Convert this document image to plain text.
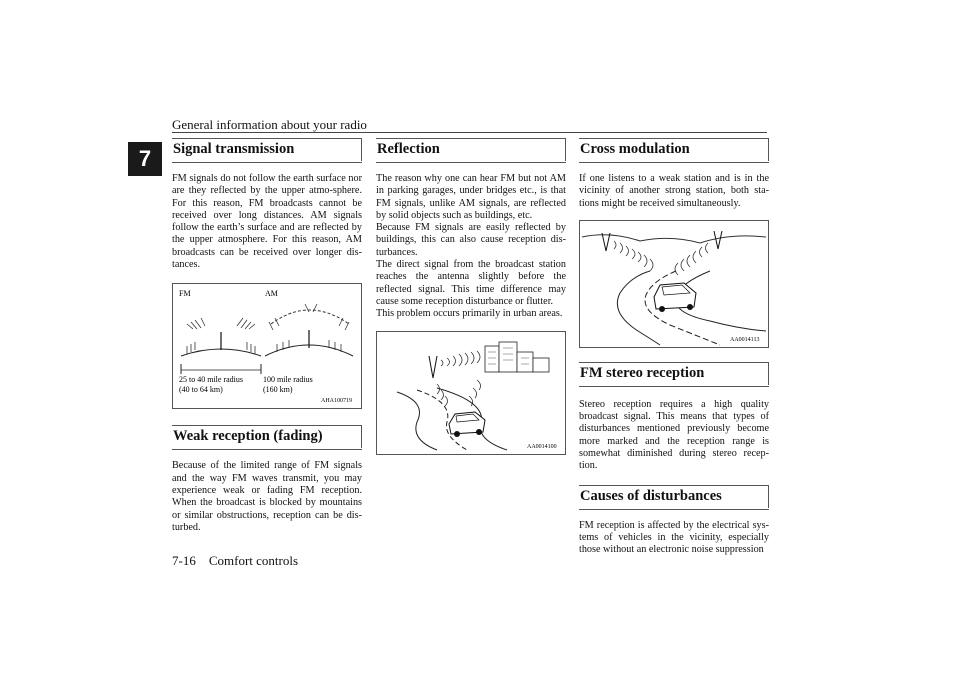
General information about your radio
7	Signal transmission

FM signals do not follow the earth surface nor are they reflected by the upper atmo-sphere. For this reason, FM broadcasts cannot be received over long distances. AM signals follow the earth’s surface and are reflected by the upper atmosphere. For this reason, AM broadcasts can be received over longer dis-tances.

FM	AM
25 to 40 mile radius
(40 to 64 km)
100 mile radius
(160 km)
AHA100719
Weak reception (fading)

Because of the limited range of FM signals and the way FM waves transmit, you may experience weak or fading FM reception. When the broadcast is blocked by mountains or similar obstructions, reception can be dis-turbed.

Reflection

The reason why one can hear FM but not AM in parking garages, under bridges etc., is that FM signals, unlike AM signals, are reflected by solid objects such as buildings, etc.

Because FM signals are easily reflected by buildings, this can also cause reception dis-turbances.

The direct signal from the broadcast station reaches the antenna slightly before the reflected signal. This time difference may cause some reception disturbance or flutter.

This problem occurs primarily in urban areas.

AA0014100
Cross modulation

If one listens to a weak station and is in the vicinity of another strong station, both sta-tions might be received simultaneously.

AA0014113
FM stereo reception

Stereo reception requires a high quality broadcast signal. This means that types of disturbances mentioned previously become more marked and the reception range is somewhat diminished during stereo recep-tion.

Causes of disturbances

FM reception is affected by the electrical sys-tems of vehicles in the vicinity, especially those without an electronic noise suppression

7-16 Comfort controls
